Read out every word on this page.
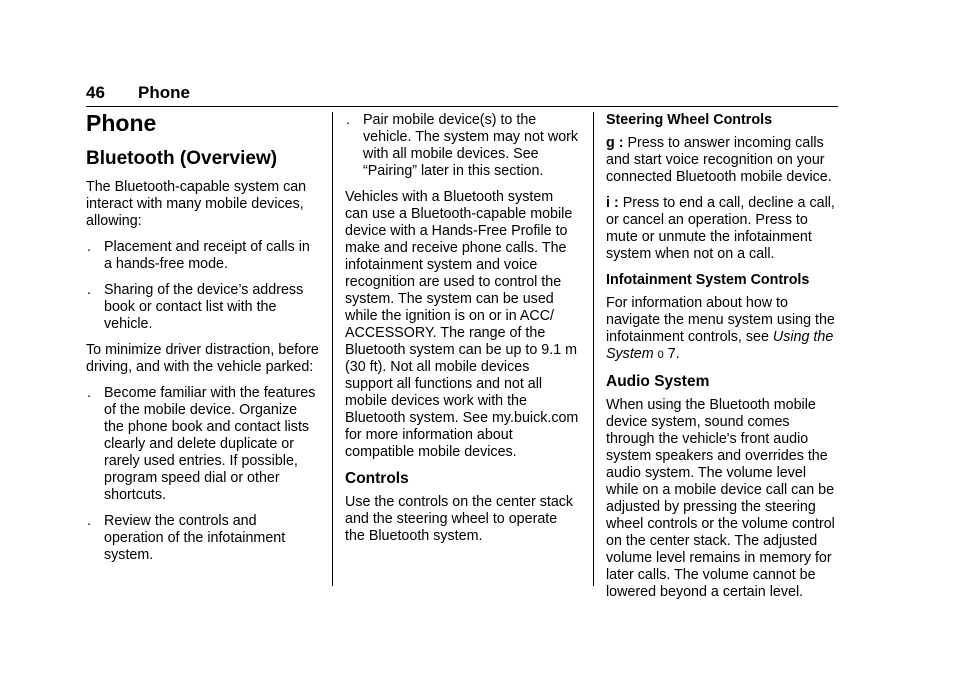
46 Phone
Phone
Bluetooth (Overview)

The Bluetooth-capable system can interact with many mobile devices, allowing:

. Placement and receipt of calls in a hands-free mode.
. Sharing of the device’s address book or contact list with the vehicle.

To minimize driver distraction, before driving, and with the vehicle parked:

. Become familiar with the features of the mobile device. Organize the phone book and contact lists clearly and delete duplicate or rarely used entries. If possible, program speed dial or other shortcuts.
. Review the controls and operation of the infotainment system.
. Pair mobile device(s) to the vehicle. The system may not work with all mobile devices. See “Pairing” later in this section.

Vehicles with a Bluetooth system can use a Bluetooth-capable mobile device with a Hands-Free Profile to make and receive phone calls. The infotainment system and voice recognition are used to control the system. The system can be used while the ignition is on or in ACC/ ACCESSORY. The range of the Bluetooth system can be up to 9.1 m (30 ft). Not all mobile devices support all functions and not all mobile devices work with the Bluetooth system. See my.buick.com for more information about compatible mobile devices.

Controls

Use the controls on the center stack and the steering wheel to operate the Bluetooth system.

Steering Wheel Controls

g : Press to answer incoming calls and start voice recognition on your connected Bluetooth mobile device.

i : Press to end a call, decline a call, or cancel an operation. Press to mute or unmute the infotainment system when not on a call.

Infotainment System Controls

For information about how to navigate the menu system using the infotainment controls, see Using the System 0 7.

Audio System

When using the Bluetooth mobile device system, sound comes through the vehicle's front audio system speakers and overrides the audio system. The volume level while on a mobile device call can be adjusted by pressing the steering wheel controls or the volume control on the center stack. The adjusted volume level remains in memory for later calls. The volume cannot be lowered beyond a certain level.
